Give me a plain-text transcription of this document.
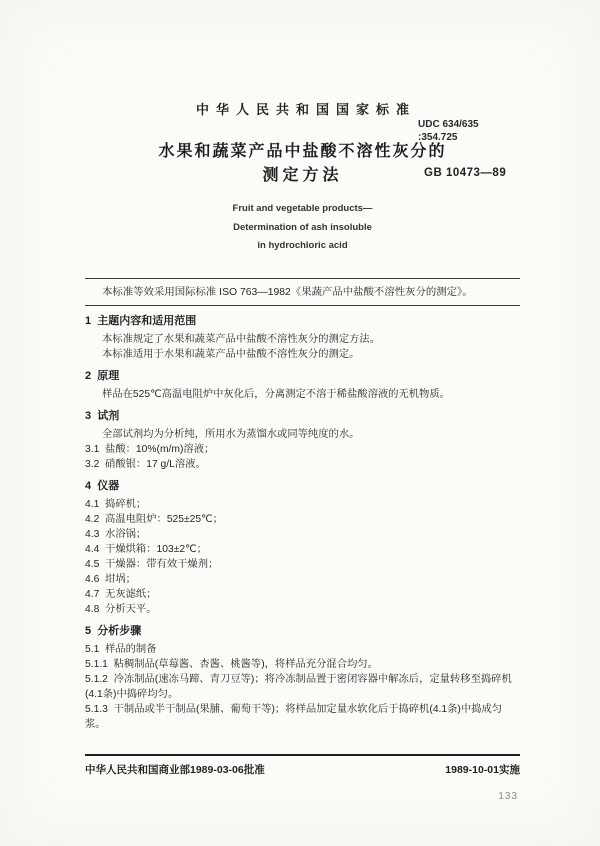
中华人民共和国国家标准
UDC 634/635
:354.725
水果和蔬菜产品中盐酸不溶性灰分的
测定方法	GB 10473—89
Fruit and vegetable products—
Determination of ash insoluble
in hydrochloric acid

本标准等效采用国际标准 ISO 763—1982《果蔬产品中盐酸不溶性灰分的测定》。

1  主题内容和适用范围
本标准规定了水果和蔬菜产品中盐酸不溶性灰分的测定方法。
本标准适用于水果和蔬菜产品中盐酸不溶性灰分的测定。
2  原理
样品在525℃高温电阻炉中灰化后，分离测定不溶于稀盐酸溶液的无机物质。
3  试剂
全部试剂均为分析纯，所用水为蒸馏水或同等纯度的水。
3.1  盐酸：10%(m/m)溶液；
3.2  硝酸银：17 g/L溶液。
4  仪器
4.1  捣碎机；
4.2  高温电阻炉：525±25℃；
4.3  水浴锅；
4.4  干燥烘箱：103±2℃；
4.5  干燥器：带有效干燥剂；
4.6  坩埚；
4.7  无灰滤纸；
4.8  分析天平。
5  分析步骤
5.1  样品的制备
5.1.1  粘稠制品(草莓酱、杏酱、桃酱等)，将样品充分混合均匀。
5.1.2  冷冻制品(速冻马蹄、青刀豆等)；将冷冻制品置于密闭容器中解冻后，定量转移至捣碎机(4.1条)中捣碎均匀。
5.1.3  干制品或半干制品(果脯、葡萄干等)；将样品加定量水软化后于捣碎机(4.1条)中捣成匀浆。
中华人民共和国商业部1989-03-06批准	1989-10-01实施
133
